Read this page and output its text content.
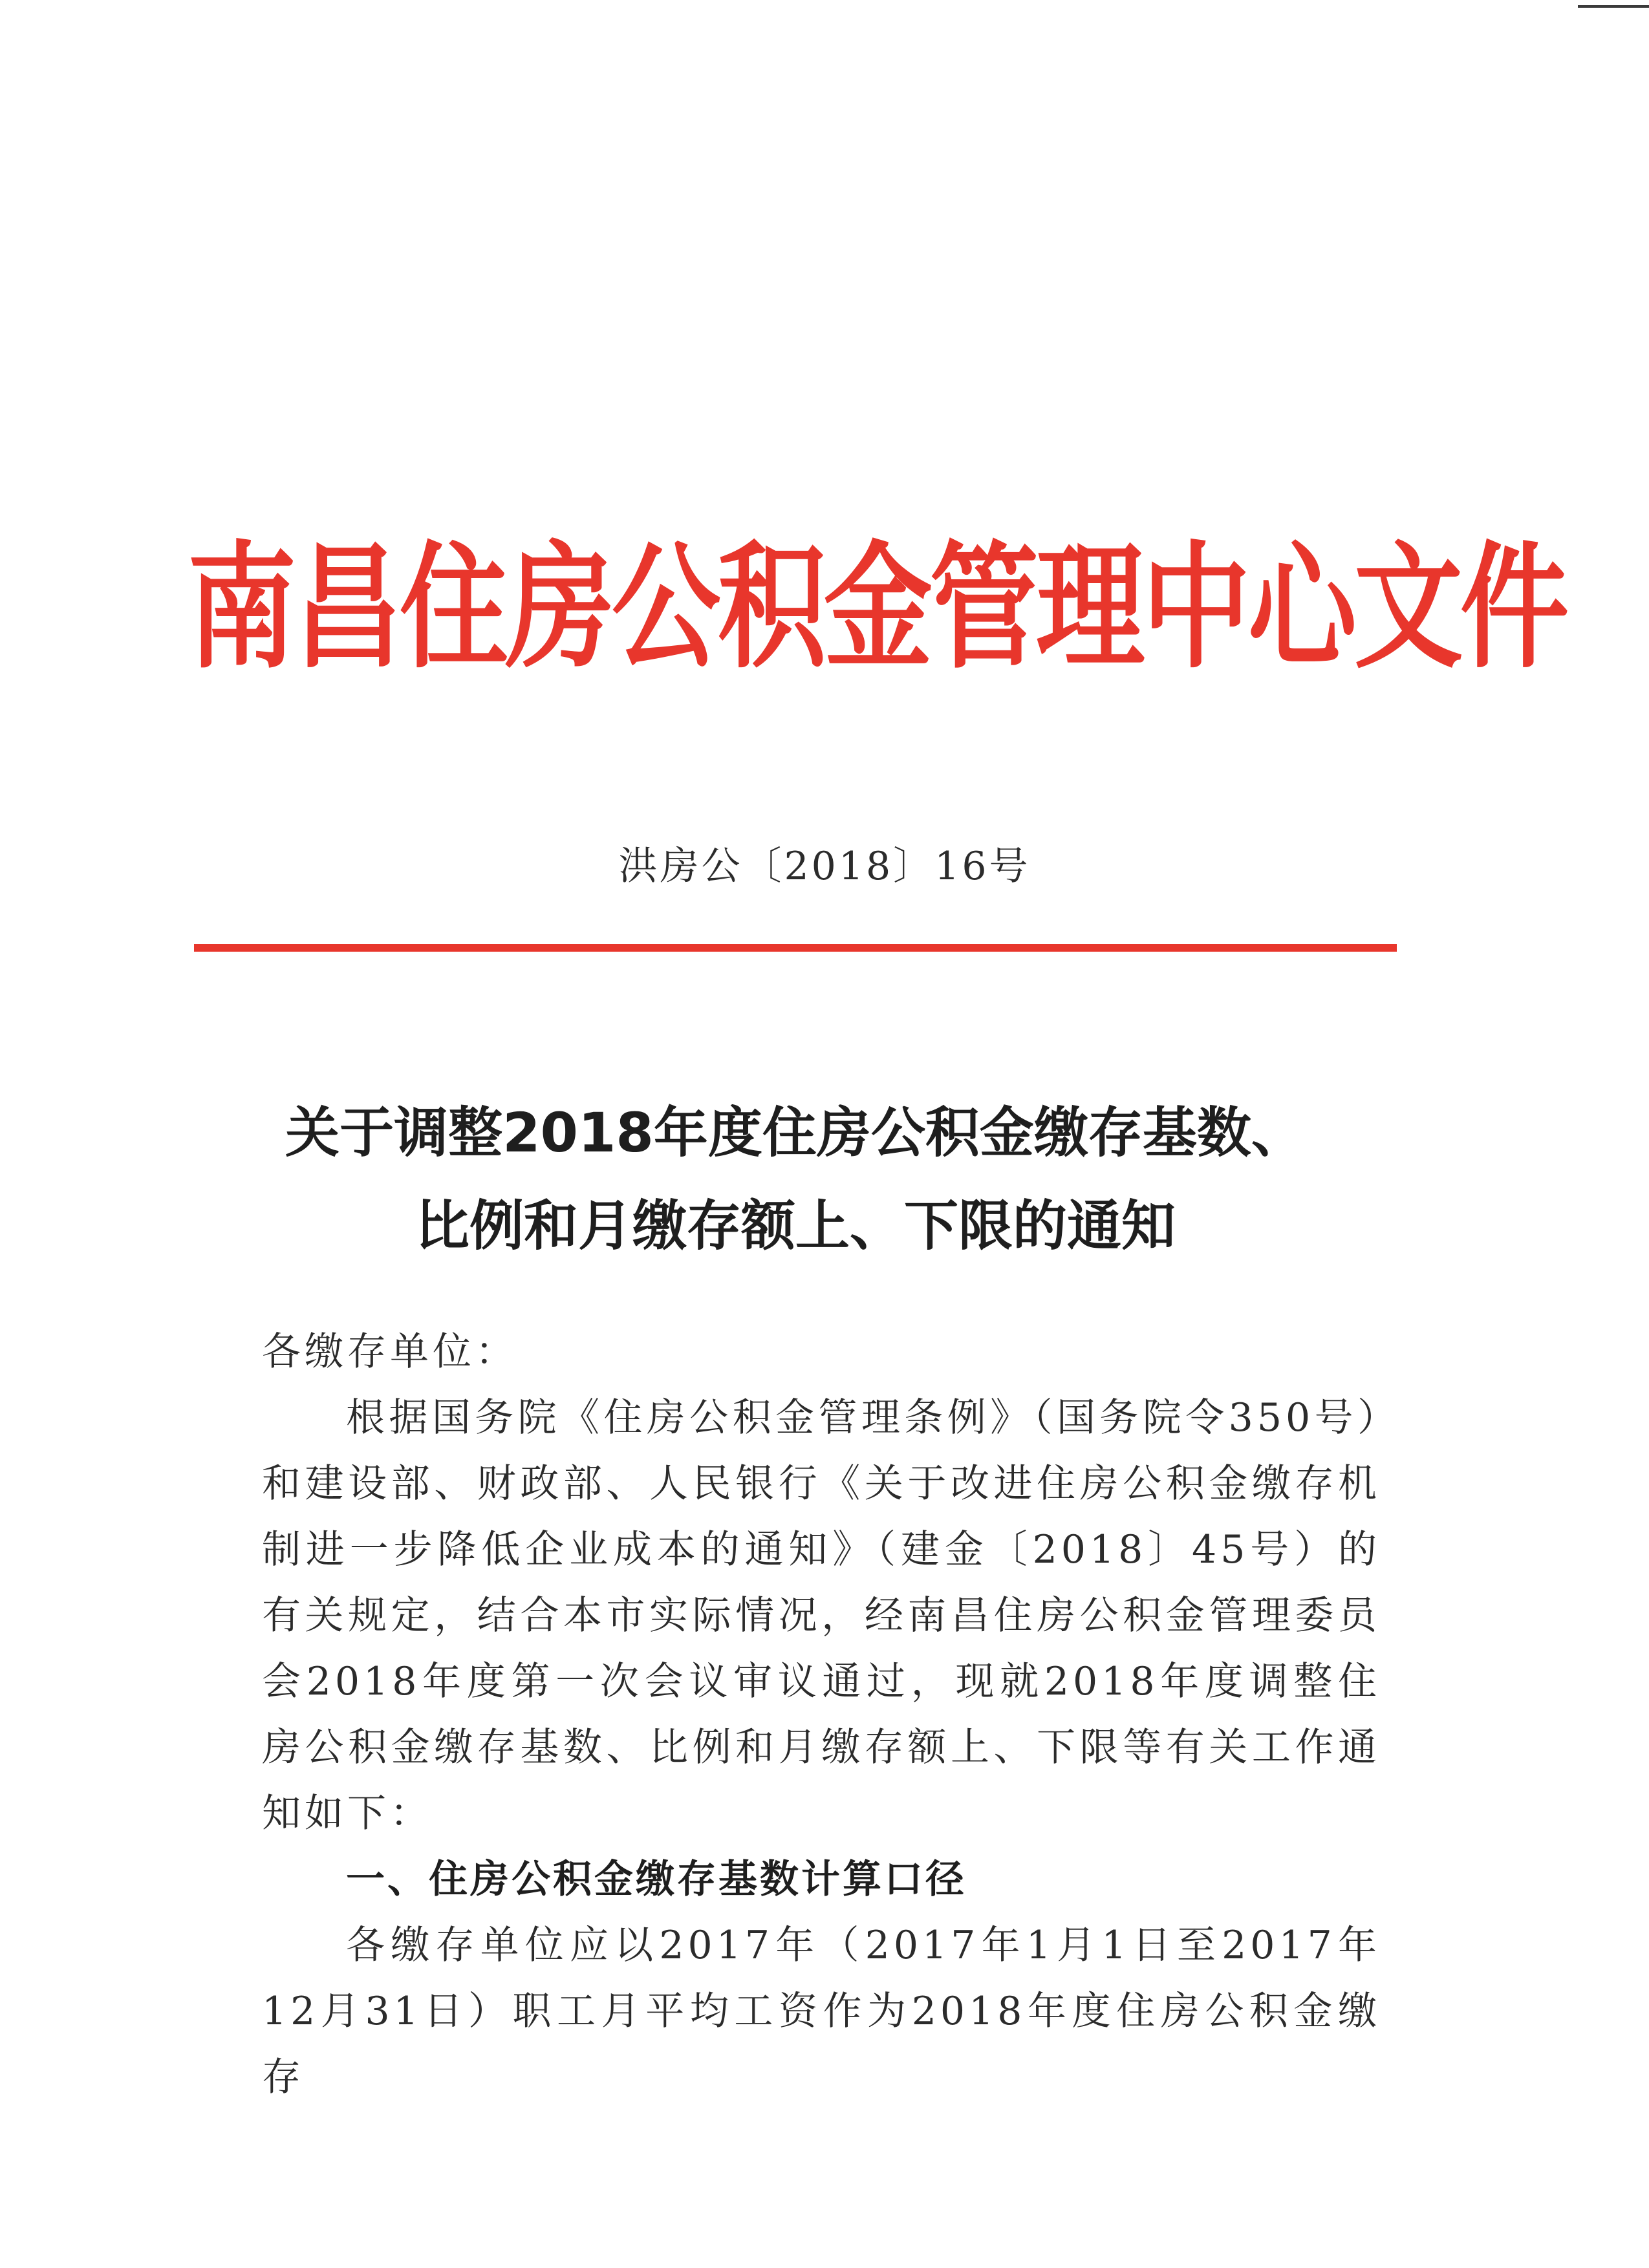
南昌住房公积金管理中心文件
洪房公〔2018〕16号
关于调整2018年度住房公积金缴存基数、
比例和月缴存额上、下限的通知

各缴存单位：

根据国务院《住房公积金管理条例》（国务院令350号）和建设部、财政部、人民银行《关于改进住房公积金缴存机制进一步降低企业成本的通知》（建金〔2018〕45号）的有关规定，结合本市实际情况，经南昌住房公积金管理委员会2018年度第一次会议审议通过，现就2018年度调整住房公积金缴存基数、比例和月缴存额上、下限等有关工作通知如下：

一、住房公积金缴存基数计算口径

各缴存单位应以2017年（2017年1月1日至2017年12月31日）职工月平均工资作为2018年度住房公积金缴存
